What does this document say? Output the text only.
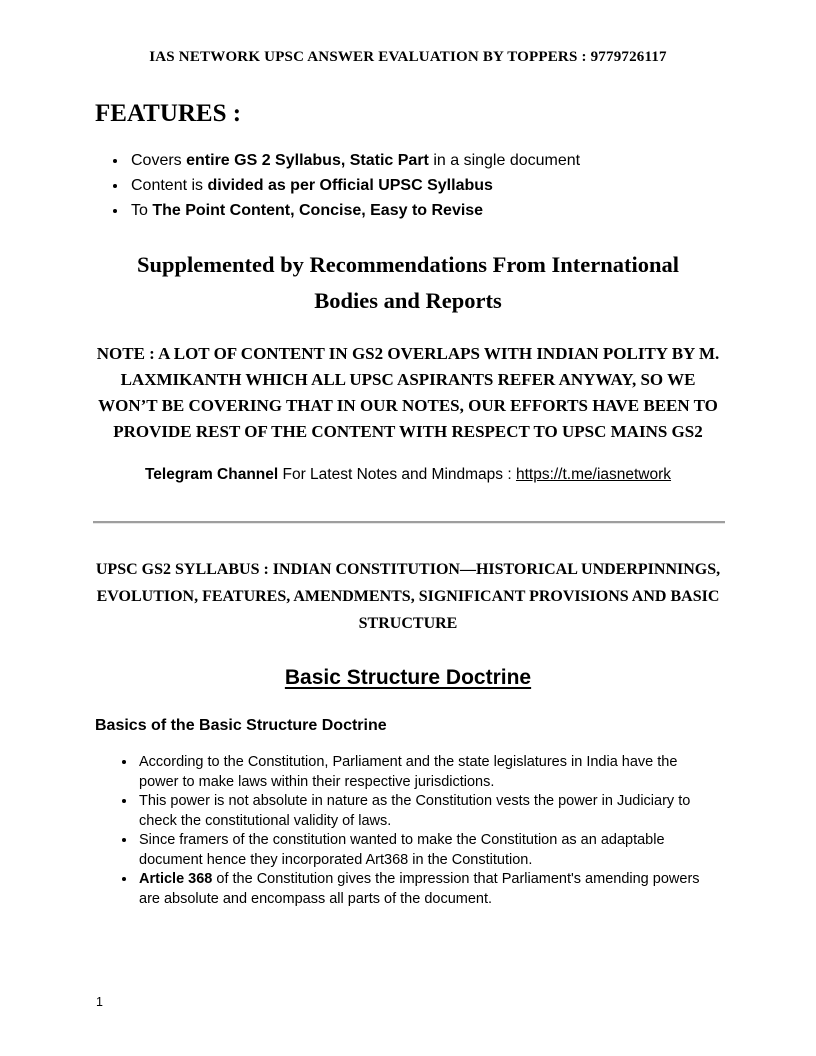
IAS NETWORK UPSC ANSWER EVALUATION BY TOPPERS : 9779726117
FEATURES :
• Covers entire GS 2 Syllabus, Static Part in a single document
• Content is divided as per Official UPSC Syllabus
• To The Point Content, Concise, Easy to Revise
Supplemented by Recommendations From International Bodies and Reports

NOTE : A LOT OF CONTENT IN GS2 OVERLAPS WITH INDIAN POLITY BY M. LAXMIKANTH WHICH ALL UPSC ASPIRANTS REFER ANYWAY, SO WE WON’T BE COVERING THAT IN OUR NOTES, OUR EFFORTS HAVE BEEN TO PROVIDE REST OF THE CONTENT WITH RESPECT TO UPSC MAINS GS2

Telegram Channel For Latest Notes and Mindmaps : https://t.me/iasnetwork

UPSC GS2 SYLLABUS : INDIAN CONSTITUTION—HISTORICAL UNDERPINNINGS, EVOLUTION, FEATURES, AMENDMENTS, SIGNIFICANT PROVISIONS AND BASIC STRUCTURE
Basic Structure Doctrine
Basics of the Basic Structure Doctrine
• According to the Constitution, Parliament and the state legislatures in India have the power to make laws within their respective jurisdictions.
• This power is not absolute in nature as the Constitution vests the power in Judiciary to check the constitutional validity of laws.
• Since framers of the constitution wanted to make the Constitution as an adaptable document hence they incorporated Art368 in the Constitution.
• Article 368 of the Constitution gives the impression that Parliament's amending powers are absolute and encompass all parts of the document.
1
